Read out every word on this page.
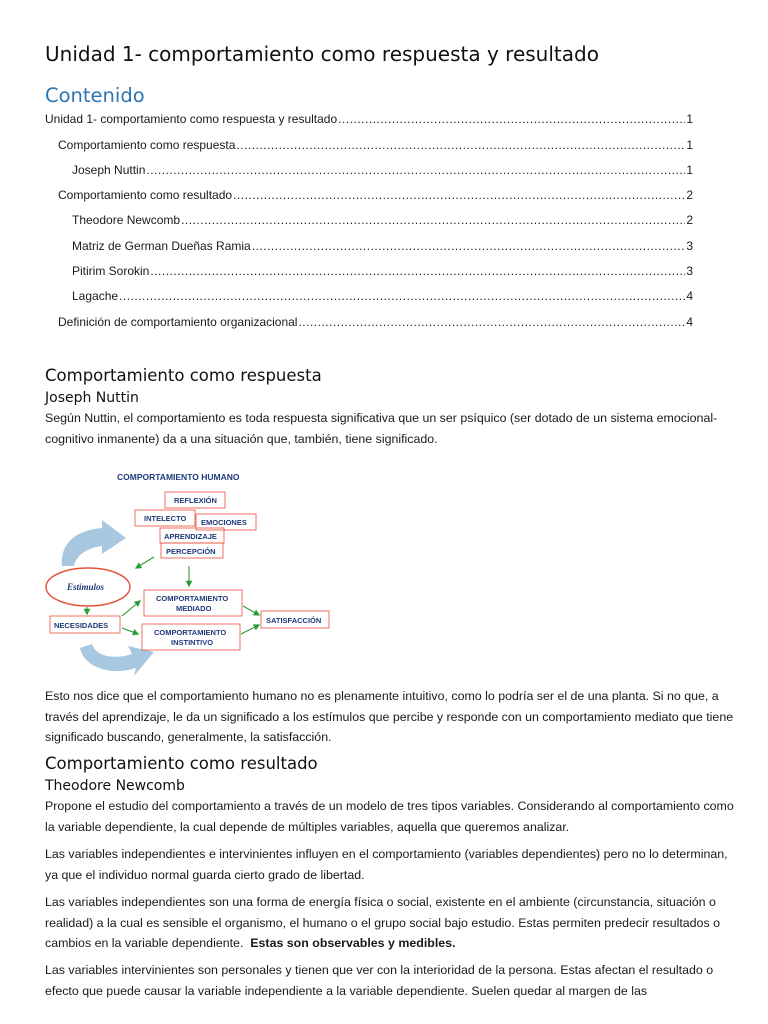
Unidad 1- comportamiento como respuesta y resultado
Contenido
Unidad 1- comportamiento como respuesta y resultado .....	1
Comportamiento como respuesta .....	1
Joseph Nuttin .....	1
Comportamiento como resultado .....	2
Theodore Newcomb .....	2
Matriz de German Dueñas Ramia .....	3
Pitirim Sorokin .....	3
Lagache .....	4
Definición de comportamiento organizacional .....	4
Comportamiento como respuesta
Joseph Nuttin
Según Nuttin, el comportamiento es toda respuesta significativa que un ser psíquico (ser dotado de un sistema emocional-cognitivo inmanente) da a una situación que, también, tiene significado.
COMPORTAMIENTO HUMANO
REFLEXIÓN
INTELECTO EMOCIONES
APRENDIZAJE
PERCEPCIÓN
Estímulos
NECESIDADES
COMPORTAMIENTO
MEDIADO
COMPORTAMIENTO
INSTINTIVO
SATISFACCIÓN
Esto nos dice que el comportamiento humano no es plenamente intuitivo, como lo podría ser el de una planta. Si no que, a través del aprendizaje, le da un significado a los estímulos que percibe y responde con un comportamiento mediato que tiene significado buscando, generalmente, la satisfacción.
Comportamiento como resultado
Theodore Newcomb
Propone el estudio del comportamiento a través de un modelo de tres tipos variables. Considerando al comportamiento como la variable dependiente, la cual depende de múltiples variables, aquella que queremos analizar.
Las variables independientes e intervinientes influyen en el comportamiento (variables dependientes) pero no lo determinan, ya que el individuo normal guarda cierto grado de libertad.
Las variables independientes son una forma de energía física o social, existente en el ambiente (circunstancia, situación o realidad) a la cual es sensible el organismo, el humano o el grupo social bajo estudio. Estas permiten predecir resultados o cambios en la variable dependiente. Estas son observables y medibles.
Las variables intervinientes son personales y tienen que ver con la interioridad de la persona. Estas afectan el resultado o efecto que puede causar la variable independiente a la variable dependiente. Suelen quedar al margen de las
